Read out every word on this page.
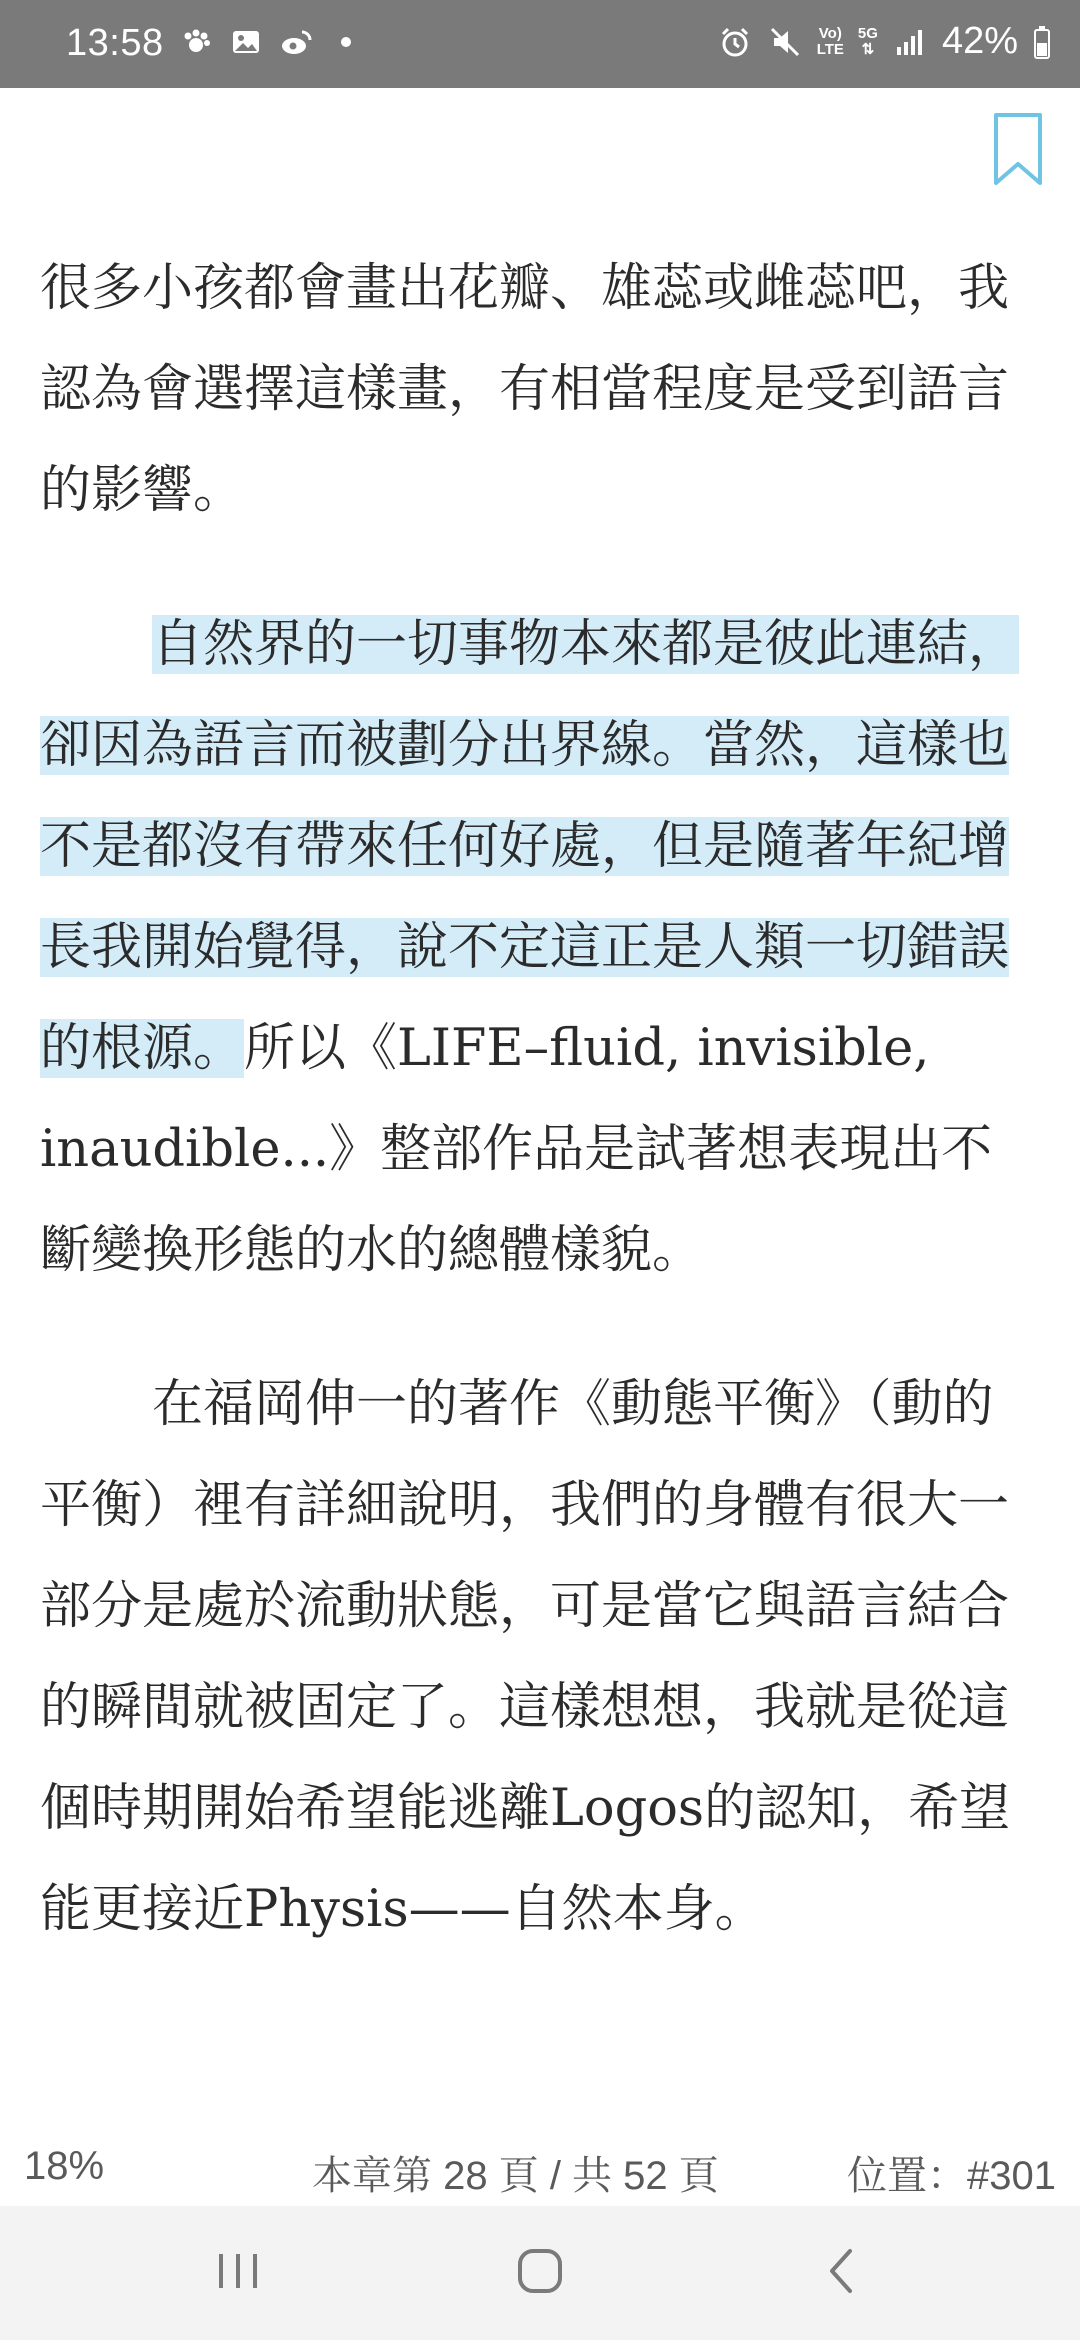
13:58	Vo)
LTE
5G
⇅ 42%

很多小孩都會畫出花瓣、雄蕊或雌蕊吧，我認為會選擇這樣畫，有相當程度是受到語言的影響。

自然界的一切事物本來都是彼此連結，卻因為語言而被劃分出界線。當然，這樣也不是都沒有帶來任何好處，但是隨著年紀增長我開始覺得，說不定這正是人類一切錯誤的根源。所以《LIFE–fluid, invisible, inaudible...》整部作品是試著想表現出不斷變換形態的水的總體樣貌。

在福岡伸一的著作《動態平衡》（動的平衡）裡有詳細說明，我們的身體有很大一部分是處於流動狀態，可是當它與語言結合的瞬間就被固定了。這樣想想，我就是從這個時期開始希望能逃離Logos的認知，希望能更接近Physis——自然本身。

18%	本章第 28 頁 / 共 52 頁	位置：#301
